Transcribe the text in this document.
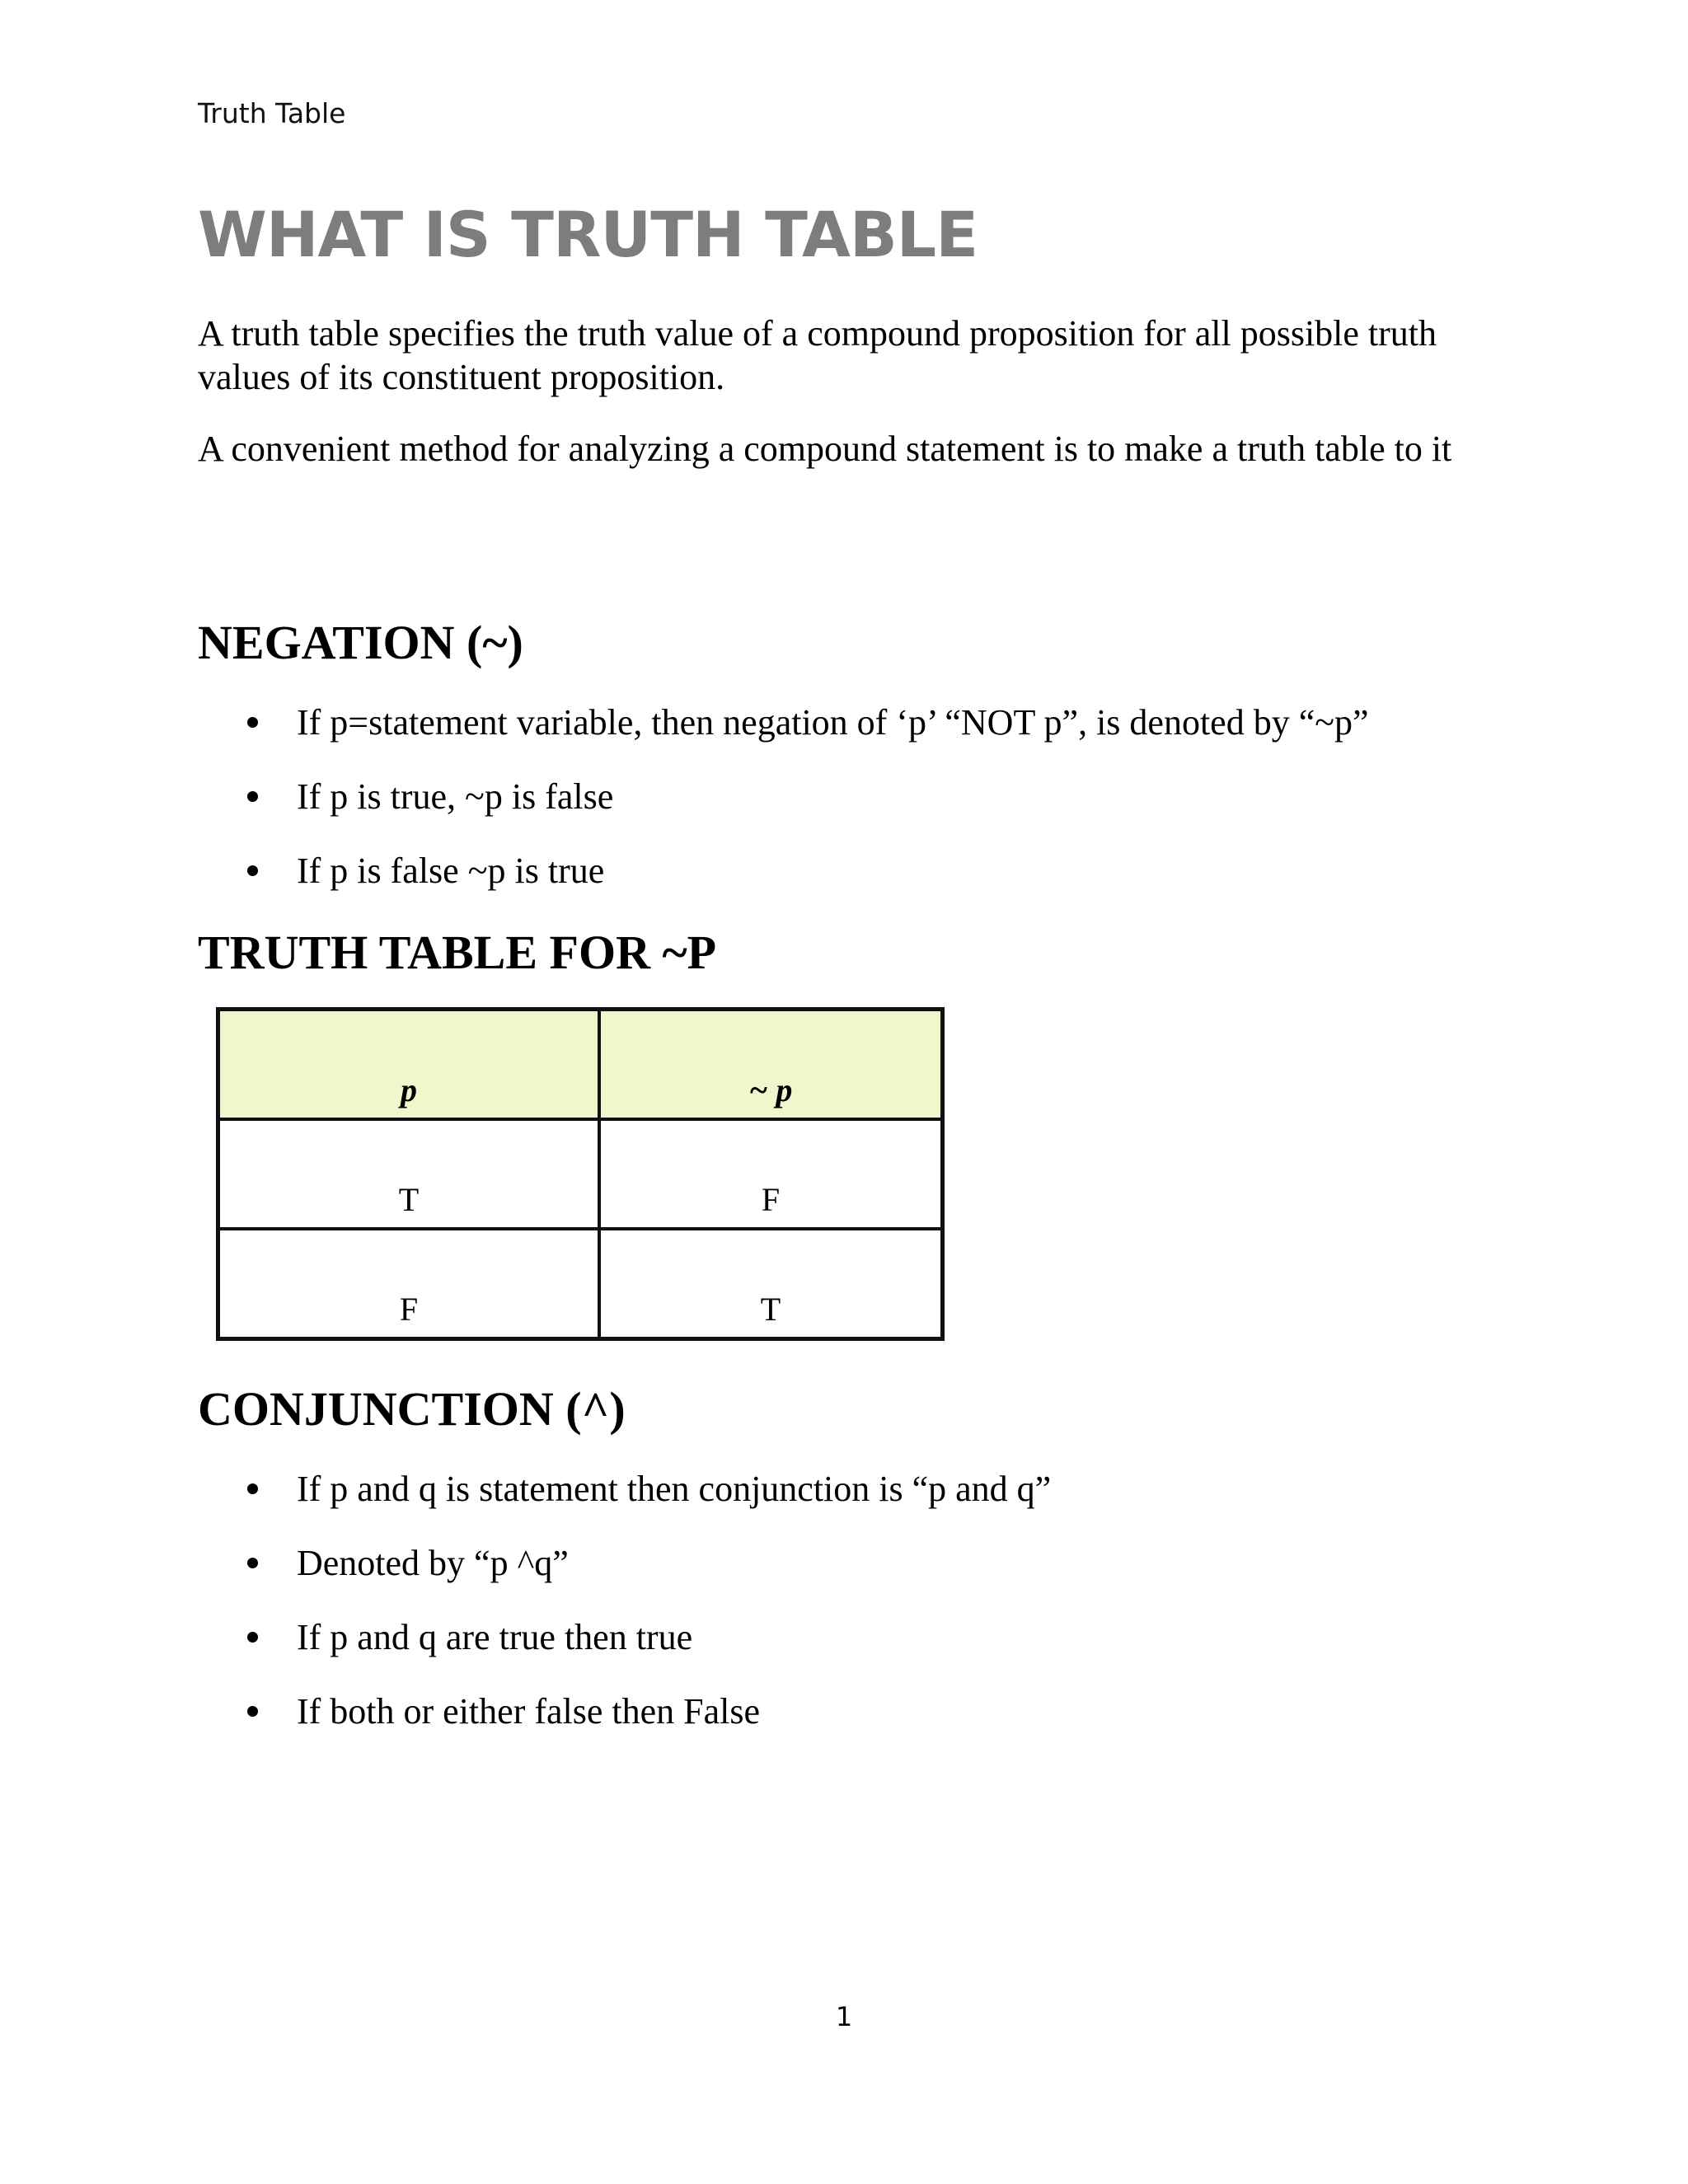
Truth Table
WHAT IS TRUTH TABLE

A truth table specifies the truth value of a compound proposition for all possible truth values of its constituent proposition.

A convenient method for analyzing a compound statement is to make a truth table to it

NEGATION (~)
If p=statement variable, then negation of ‘p’ “NOT p”, is denoted by “~p”
If p is true, ~p is false
If p is false ~p is true
TRUTH TABLE FOR ~P
p	~ p
T	F
F	T
CONJUNCTION (^)
If p and q is statement then conjunction is “p and q”
Denoted by “p ^q”
If p and q are true then true
If both or either false then False
1
